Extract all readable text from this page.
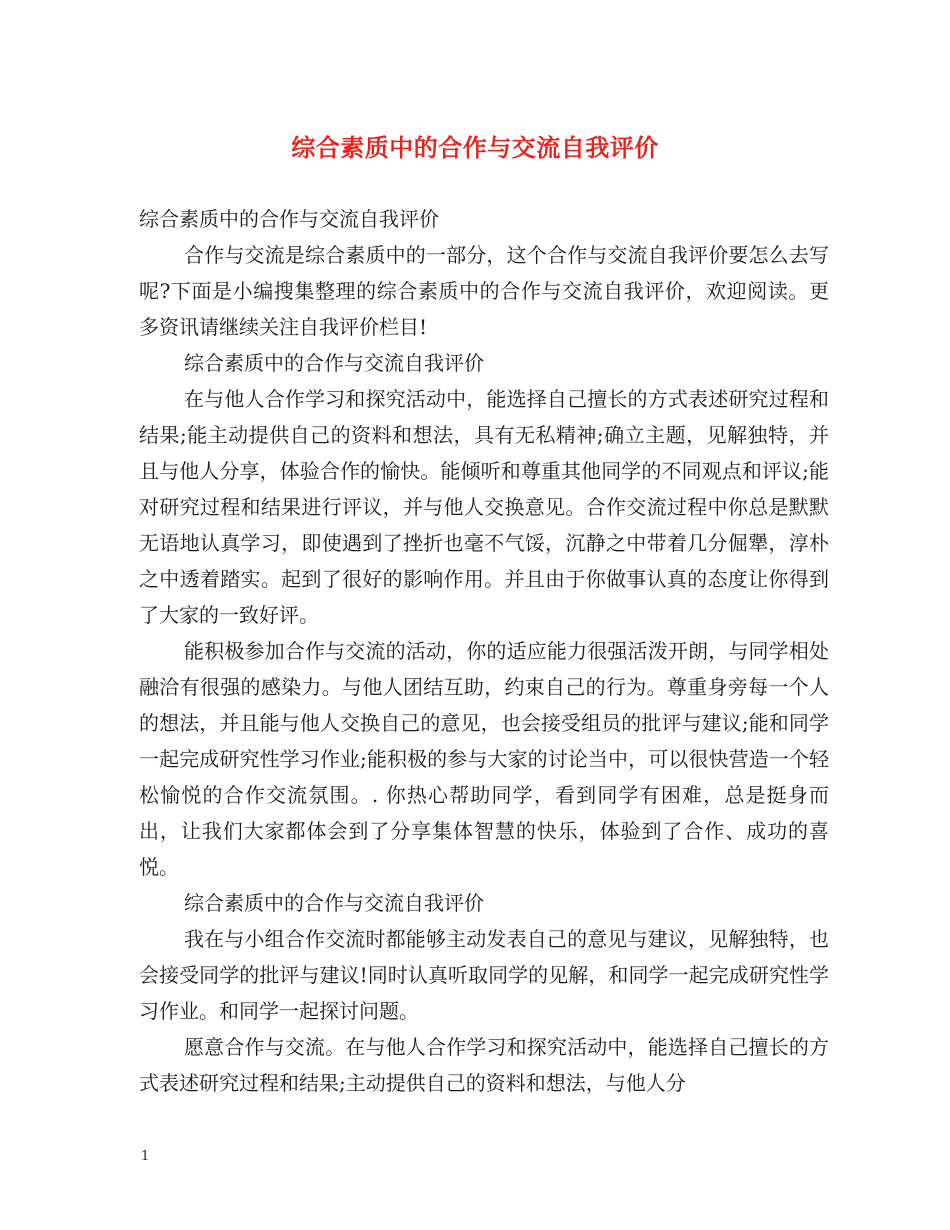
综合素质中的合作与交流自我评价

综合素质中的合作与交流自我评价

合作与交流是综合素质中的一部分，这个合作与交流自我评价要怎么去写呢?下面是小编搜集整理的综合素质中的合作与交流自我评价，欢迎阅读。更多资讯请继续关注自我评价栏目!

综合素质中的合作与交流自我评价

在与他人合作学习和探究活动中，能选择自己擅长的方式表述研究过程和结果;能主动提供自己的资料和想法，具有无私精神;确立主题，见解独特，并且与他人分享，体验合作的愉快。能倾听和尊重其他同学的不同观点和评议;能对研究过程和结果进行评议，并与他人交换意见。合作交流过程中你总是默默无语地认真学习，即使遇到了挫折也毫不气馁，沉静之中带着几分倔犟，淳朴之中透着踏实。起到了很好的影响作用。并且由于你做事认真的态度让你得到了大家的一致好评。

能积极参加合作与交流的活动，你的适应能力很强活泼开朗，与同学相处融洽有很强的感染力。与他人团结互助，约束自己的行为。尊重身旁每一个人的想法，并且能与他人交换自己的意见，也会接受组员的批评与建议;能和同学一起完成研究性学习作业;能积极的参与大家的讨论当中，可以很快营造一个轻松愉悦的合作交流氛围。. 你热心帮助同学，看到同学有困难，总是挺身而出，让我们大家都体会到了分享集体智慧的快乐，体验到了合作、成功的喜悦。

综合素质中的合作与交流自我评价

我在与小组合作交流时都能够主动发表自己的意见与建议，见解独特，也会接受同学的批评与建议!同时认真听取同学的见解，和同学一起完成研究性学习作业。和同学一起探讨问题。

愿意合作与交流。在与他人合作学习和探究活动中，能选择自己擅长的方式表述研究过程和结果;主动提供自己的资料和想法，与他人分

1
